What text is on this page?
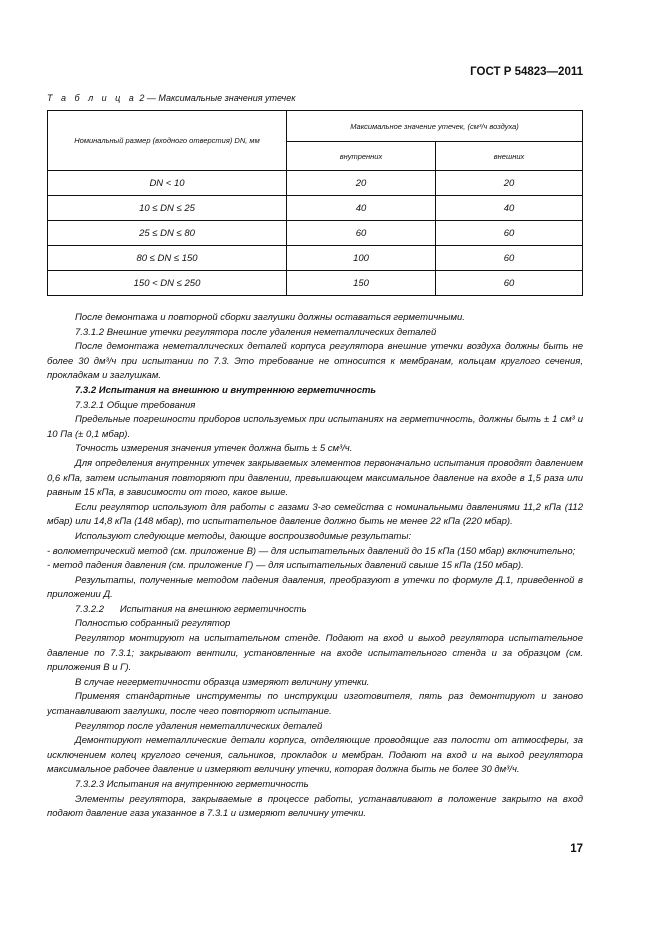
ГОСТ Р 54823—2011
Т а б л и ц а 2 — Максимальные значения утечек
Номинальный размер (входного отверстия) DN, мм	Максимальное значение утечек, (см³/ч воздуха)	
	внутренних	внешних
DN < 10	20	20
10 ≤ DN ≤ 25	40	40
25 ≤ DN ≤ 80	60	60
80 ≤ DN ≤ 150	100	60
150 < DN ≤ 250	150	60

После демонтажа и повторной сборки заглушки должны оставаться герметичными.

7.3.1.2 Внешние утечки регулятора после удаления неметаллических деталей

После демонтажа неметаллических деталей корпуса регулятора внешние утечки воздуха должны быть не более 30 дм³/ч при испытании по 7.3. Это требование не относится к мембранам, кольцам круглого сечения, прокладкам и заглушкам.

7.3.2 Испытания на внешнюю и внутреннюю герметичность

7.3.2.1 Общие требования

Предельные погрешности приборов используемых при испытаниях на герметичность, должны быть ± 1 см³ и 10 Па (± 0,1 мбар).

Точность измерения значения утечек должна быть ± 5 см³/ч.

Для определения внутренних утечек закрываемых элементов первоначально испытания проводят давлением 0,6 кПа, затем испытания повторяют при давлении, превышающем максимальное давление на входе в 1,5 раза или равным 15 кПа, в зависимости от того, какое выше.

Если регулятор используют для работы с газами 3-го семейства с номинальными давлениями 11,2 кПа (112 мбар) или 14,8 кПа (148 мбар), то испытательное давление должно быть не менее 22 кПа (220 мбар).

Используют следующие методы, дающие воспроизводимые результаты:

- волюметрический метод (см. приложение В) — для испытательных давлений до 15 кПа (150 мбар) включительно;

- метод падения давления (см. приложение Г) — для испытательных давлений свыше 15 кПа (150 мбар).

Результаты, полученные методом падения давления, преобразуют в утечки по формуле Д.1, приведенной в приложении Д.

7.3.2.2      Испытания на внешнюю герметичность

Полностью собранный регулятор

Регулятор монтируют на испытательном стенде. Подают на вход и выход регулятора испытательное давление по 7.3.1; закрывают вентили, установленные на входе испытательного стенда и за образцом (см. приложения В и Г).

В случае негерметичности образца измеряют величину утечки.

Применяя стандартные инструменты по инструкции изготовителя, пять раз демонтируют и заново устанавливают заглушки, после чего повторяют испытание.

Регулятор после удаления неметаллических деталей

Демонтируют неметаллические детали корпуса, отделяющие проводящие газ полости от атмосферы, за исключением колец круглого сечения, сальников, прокладок и мембран. Подают на вход и на выход регулятора максимальное рабочее давление и измеряют величину утечки, которая должна быть не более 30 дм³/ч.

7.3.2.3 Испытания на внутреннюю герметичность

Элементы регулятора, закрываемые в процессе работы, устанавливают в положение закрыто на вход подают давление газа указанное в 7.3.1 и измеряют величину утечки.

17
